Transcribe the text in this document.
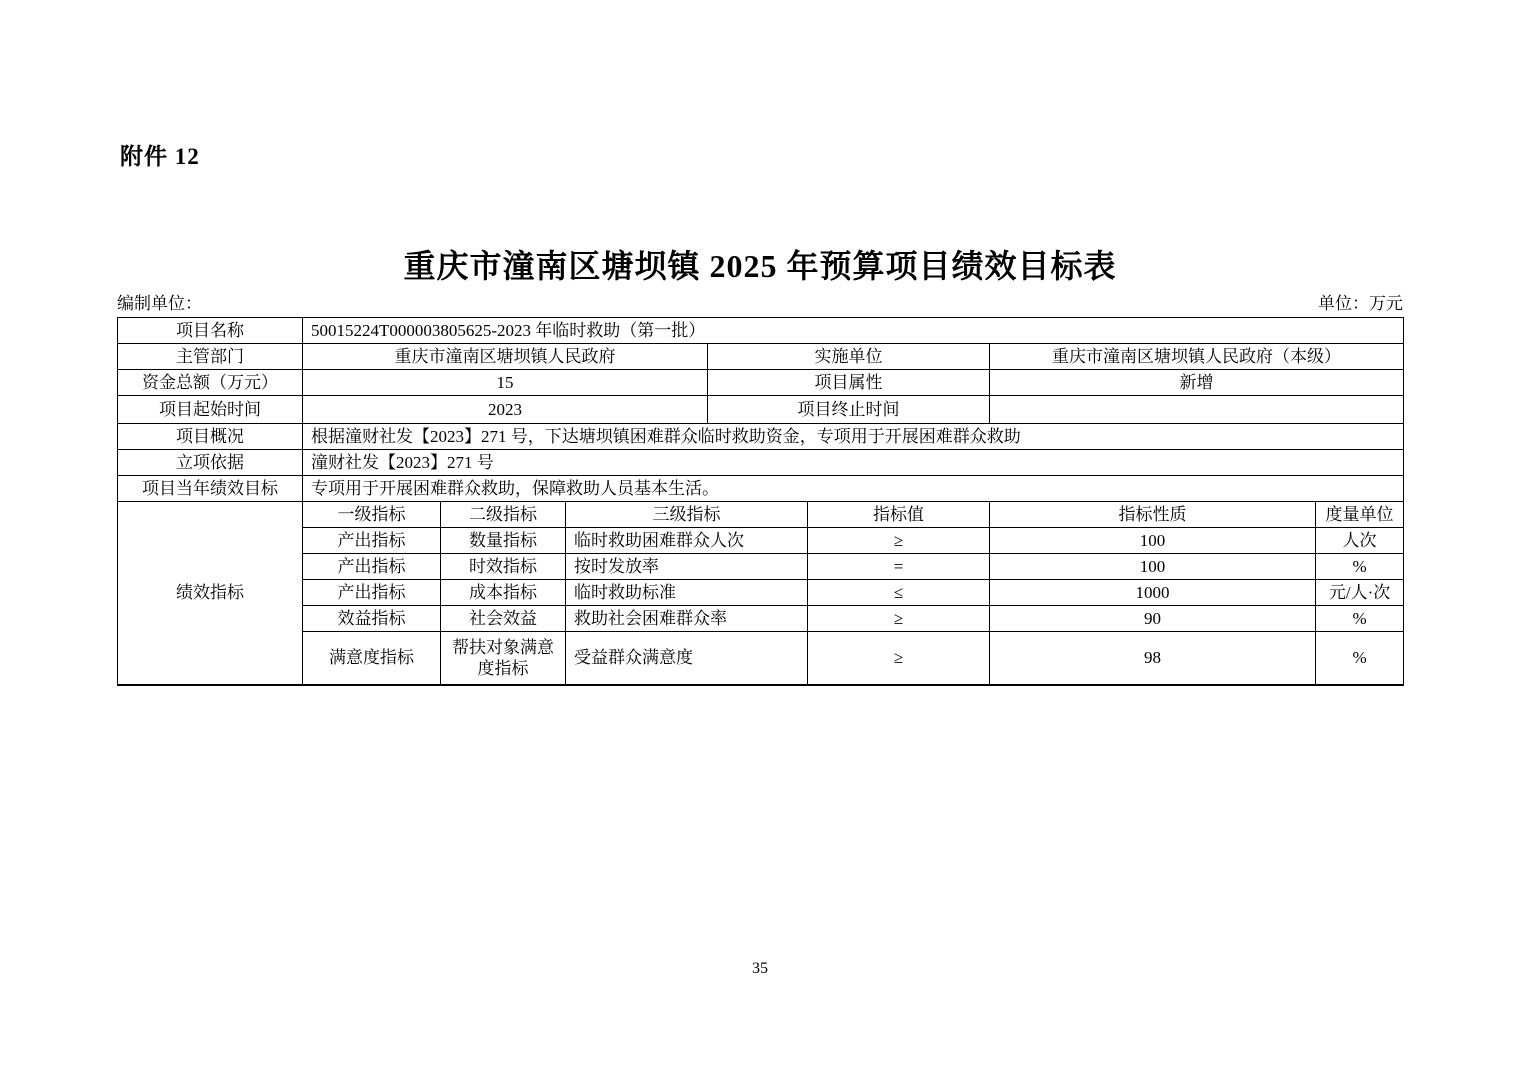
附件 12
重庆市潼南区塘坝镇 2025 年预算项目绩效目标表
编制单位：	单位：万元
项目名称	50015224T000003805625-2023 年临时救助（第一批）						
主管部门	重庆市潼南区塘坝镇人民政府			实施单位		重庆市潼南区塘坝镇人民政府（本级）	
资金总额（万元）	15			项目属性		新增	
项目起始时间	2023			项目终止时间			
项目概况	根据潼财社发【2023】271 号，下达塘坝镇困难群众临时救助资金，专项用于开展困难群众救助						
立项依据	潼财社发【2023】271 号						
项目当年绩效目标	专项用于开展困难群众救助，保障救助人员基本生活。						
绩效指标	一级指标	二级指标	三级指标		指标值	指标性质	度量单位
	产出指标	数量指标	临时救助困难群众人次		≥	100	人次
	产出指标	时效指标	按时发放率		=	100	%
	产出指标	成本指标	临时救助标准		≤	1000	元/人·次
	效益指标	社会效益	救助社会困难群众率		≥	90	%
	满意度指标	帮扶对象满意度指标	受益群众满意度		≥	98	%
35
